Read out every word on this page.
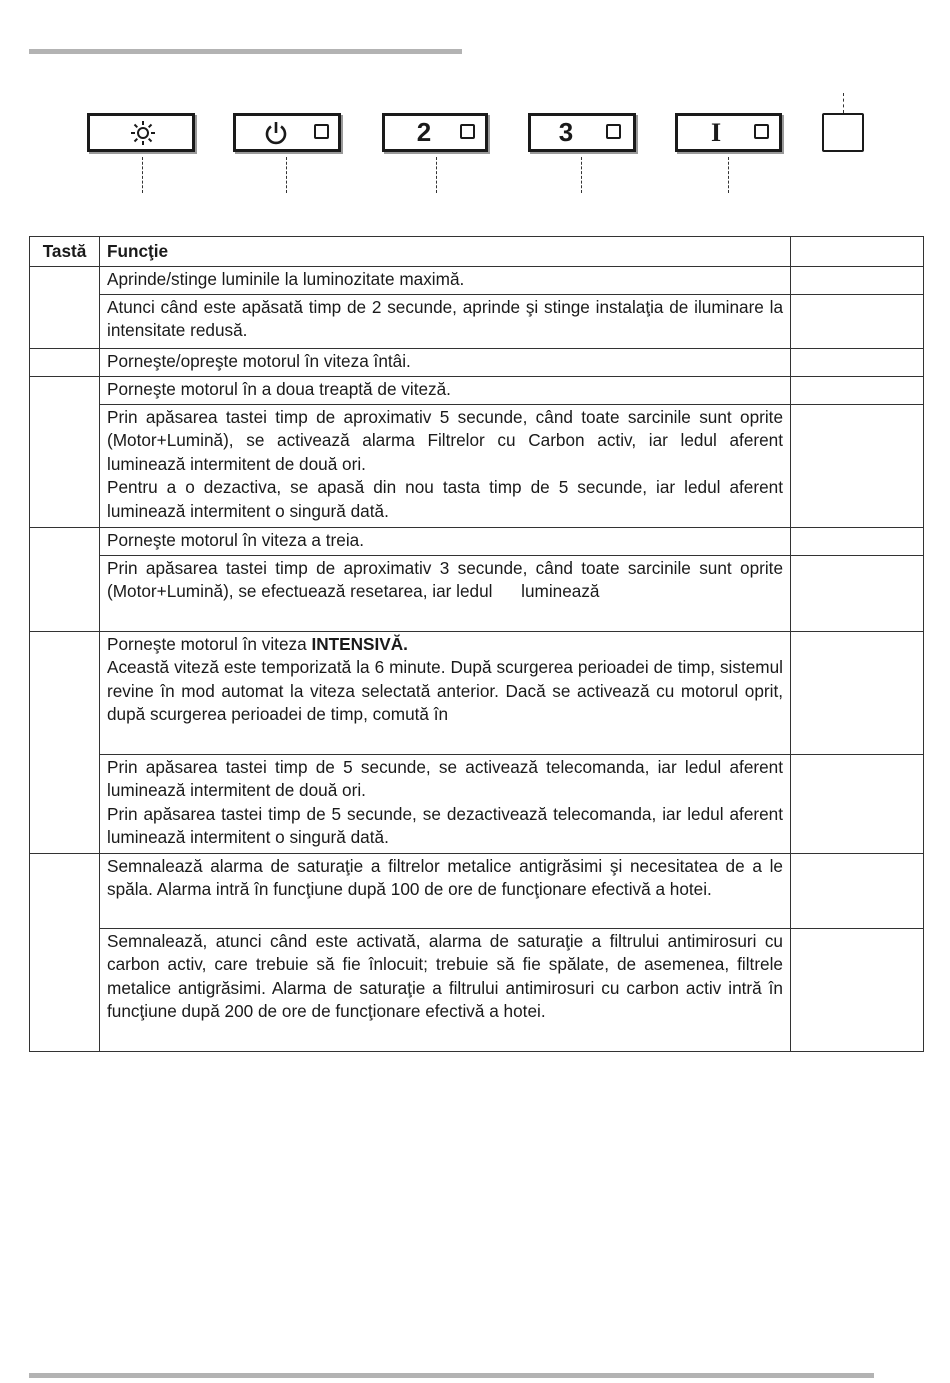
2	3	I
Tastă	Funcţie	
	Aprinde/stinge luminile la luminozitate maximă.	
	Atunci când este apăsată timp de 2 secunde, aprinde şi stinge instalaţia de iluminare la intensitate redusă.	
	Porneşte/opreşte motorul în viteza întâi.	
	Porneşte motorul în a doua treaptă de viteză.	

	Prin apăsarea tastei timp de aproximativ 5 secunde, când toate sarcinile sunt oprite (Motor+Lumină), se activează alarma Filtrelor cu Carbon activ, iar ledul aferent luminează intermitent de două ori.
Pentru a o dezactiva, se apasă din nou tasta timp de 5 secunde, iar ledul aferent luminează intermitent o singură dată.	

	Porneşte motorul în viteza a treia.	
	Prin apăsarea tastei timp de aproximativ 3 secunde, când toate sarcinile sunt oprite (Motor+Lumină), se efectuează resetarea, iar ledul      luminează	

	Porneşte motorul în viteza INTENSIVĂ.
Această viteză este temporizată la 6 minute. După scurgerea perioadei de timp, sistemul revine în mod automat la viteza selectată anterior. Dacă se activează cu motorul oprit, după scurgerea perioadei de timp, comută în	

	Prin apăsarea tastei timp de 5 secunde, se activează telecomanda, iar ledul aferent luminează intermitent de două ori.
Prin apăsarea tastei timp de 5 secunde, se dezactivează telecomanda, iar ledul aferent luminează intermitent o singură dată.	

	Semnalează alarma de saturaţie a filtrelor metalice antigrăsimi şi necesitatea de a le spăla. Alarma intră în funcţiune după 100 de ore de funcţionare efectivă a hotei.	
	Semnalează, atunci când este activată, alarma de saturaţie a filtrului antimirosuri cu carbon activ, care trebuie să fie înlocuit; trebuie să fie spălate, de asemenea, filtrele metalice antigrăsimi. Alarma de saturaţie a filtrului antimirosuri cu carbon activ intră în funcţiune după 200 de ore de funcţionare efectivă a hotei.	
